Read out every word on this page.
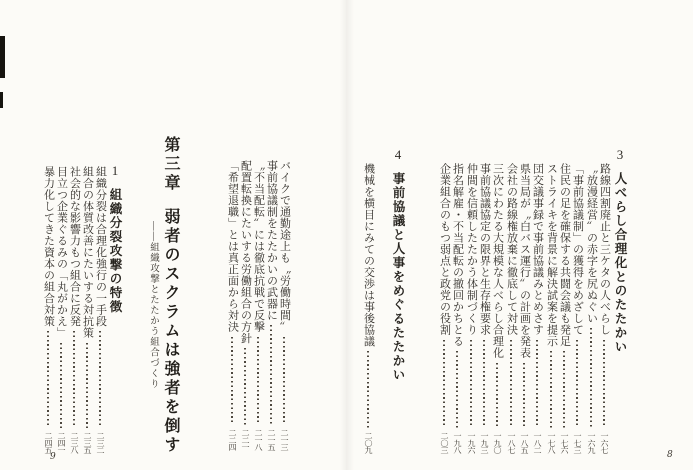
3
人べらし合理化とのたたかい
路線四割廃止と三ケタの人べらし
一六七
〝放漫経営〟の赤字を尻ぬぐい
一六九
「事前協議制」の獲得をめざして
一七三
住民の足を確保する共闘会議も発足
一七六
ストライキを背景に解決試案を提示
一七八
団交議事録で事前協議みとめさす
一八二
県当局が〝白バス運行〟の計画を発表
一八五
会社の路線権放棄に徹底して対決
一八七
三次にわたる大規模な人べらし合理化
一九〇
事前協議協定の限界と生存権要求
一九三
仲間を信頼したたかう体制づくり
一九六
指名解雇・不当配転の撤回かちとる
一九八
企業組合のもつ弱点と政党の役割
二〇三
4
事前協議と人事をめぐるたたかい
機械を横目にみての交渉は事後協議
二〇九
バイクで通勤途上も〝労働時間〟
二一三
事前協議制をたたかいの武器に
二一五
〝不当配転〟には徹底抗戦で反撃
二一八
配置転換にたいする労働組合の方針
二二一
「希望退職」とは真正面から対決
二二四
第三章
弱者のスクラムは強者を倒す
——組織攻撃とたたかう組合づくり
1
組織分裂攻撃の特徴
組織分裂は合理化強行の一手段
二三二
組合の体質改善にたいする対抗策
二三五
社会的な影響力もつ組合に反発
二三八
目立つ企業ぐるみの「丸がかえ」
二四一
暴力化してきた資本の組合対策
二四五
8
9
